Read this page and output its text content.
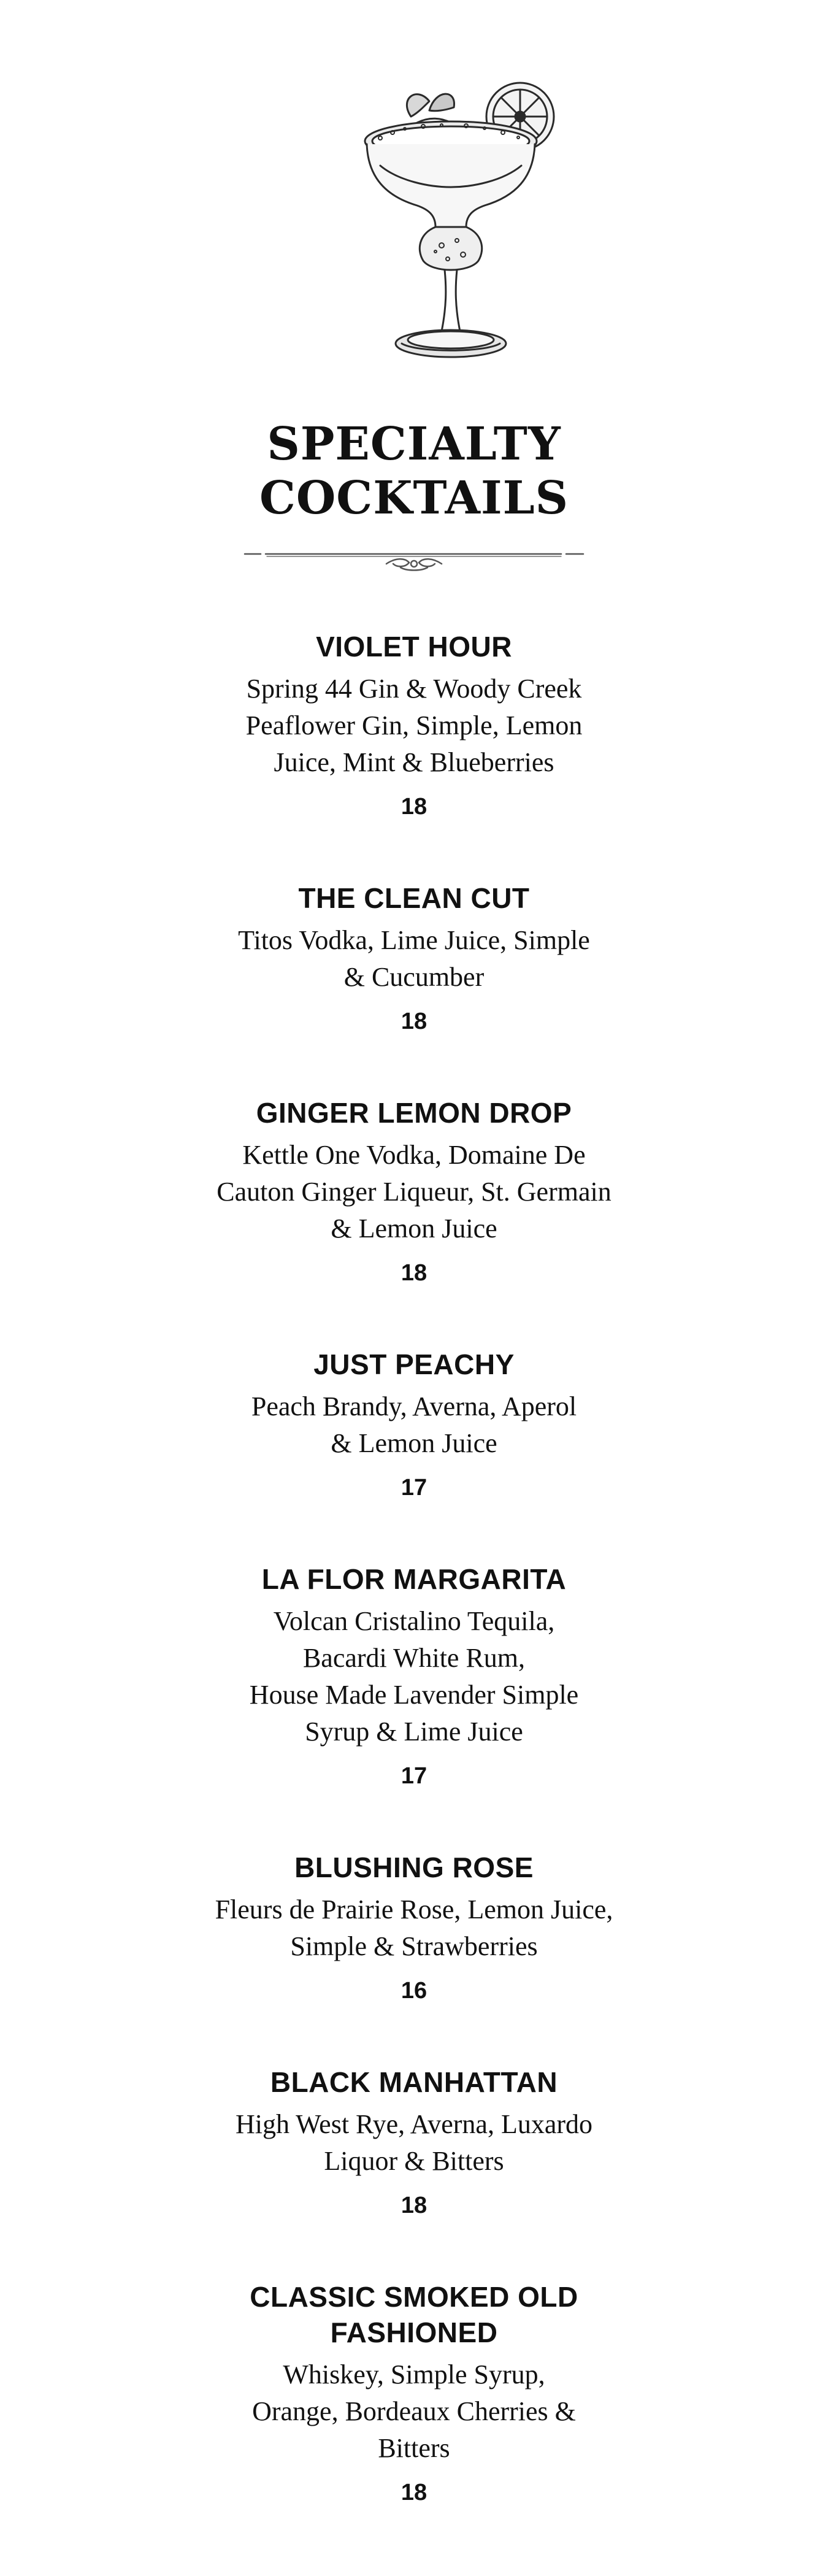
SPECIALTY
COCKTAILS
VIOLET HOUR
Spring 44 Gin & Woody Creek
Peaflower Gin, Simple, Lemon
Juice, Mint & Blueberries
18
THE CLEAN CUT
Titos Vodka, Lime Juice, Simple
& Cucumber
18
GINGER LEMON DROP
Kettle One Vodka, Domaine De
Cauton Ginger Liqueur, St. Germain
& Lemon Juice
18
JUST PEACHY
Peach Brandy, Averna, Aperol
& Lemon Juice
17
LA FLOR MARGARITA
Volcan Cristalino Tequila,
Bacardi White Rum,
House Made Lavender Simple
Syrup & Lime Juice
17
BLUSHING ROSE
Fleurs de Prairie Rose, Lemon Juice,
Simple & Strawberries
16
BLACK MANHATTAN
High West Rye, Averna, Luxardo
Liquor & Bitters
18
CLASSIC SMOKED OLD
FASHIONED
Whiskey, Simple Syrup,
Orange, Bordeaux Cherries &
Bitters
18
